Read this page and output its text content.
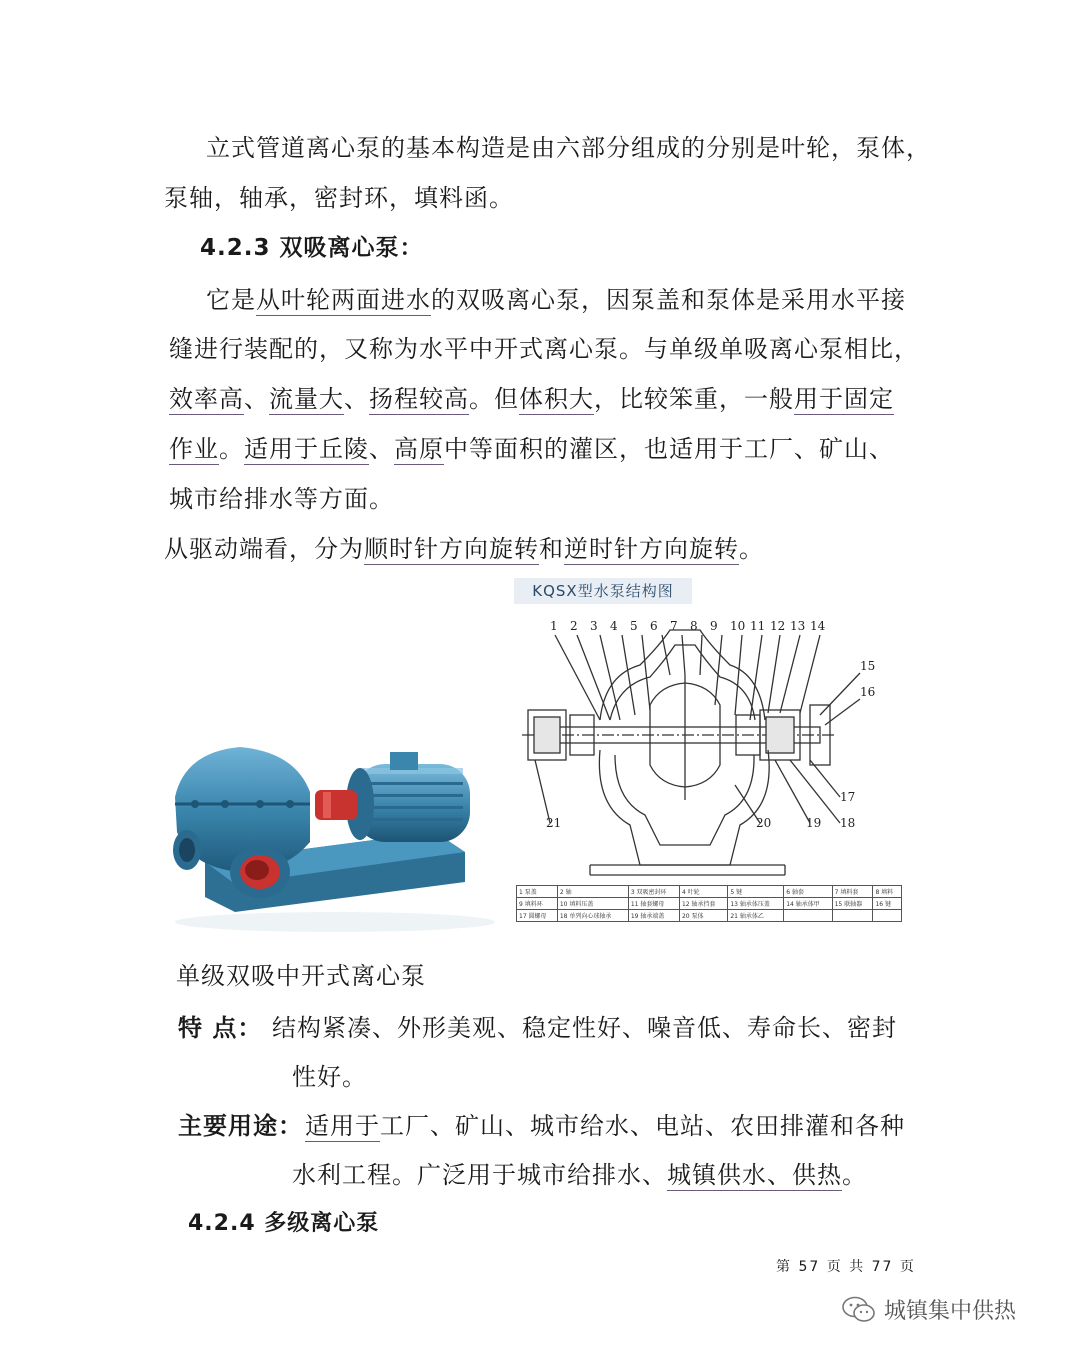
立式管道离心泵的基本构造是由六部分组成的分别是叶轮，泵体，
泵轴，轴承，密封环，填料函。
4.2.3 双吸离心泵：
它是从叶轮两面进水的双吸离心泵，因泵盖和泵体是采用水平接
缝进行装配的，又称为水平中开式离心泵。与单级单吸离心泵相比，
效率高、流量大、扬程较高。但体积大，比较笨重，一般用于固定
作业。适用于丘陵、高原中等面积的灌区，也适用于工厂、矿山、
城市给排水等方面。
从驱动端看，分为顺时针方向旋转和逆时针方向旋转。
KQSX型水泵结构图
1 2 3 4 5 6 7 8 9 10 11 12 13 14
15
16
17
18
19
20
21
1 泵盖	2 轴	3 双吸密封环	4 叶轮	5 键	6 轴套	7 填料套	8 填料
9 填料环	10 填料压盖	11 轴套螺母	12 轴承挡套	13 轴承体压盖	14 轴承体甲	15 联轴器	16 键
17 圆螺母	18 单列向心球轴承	19 轴承端盖	20 泵体	21 轴承体乙			
单级双吸中开式离心泵
特 点： 结构紧凑、外形美观、稳定性好、噪音低、寿命长、密封
性好。
主要用途： 适用于工厂、矿山、城市给水、电站、农田排灌和各种
水利工程。广泛用于城市给排水、城镇供水、供热。
4.2.4 多级离心泵
第 57 页 共 77 页
城镇集中供热
